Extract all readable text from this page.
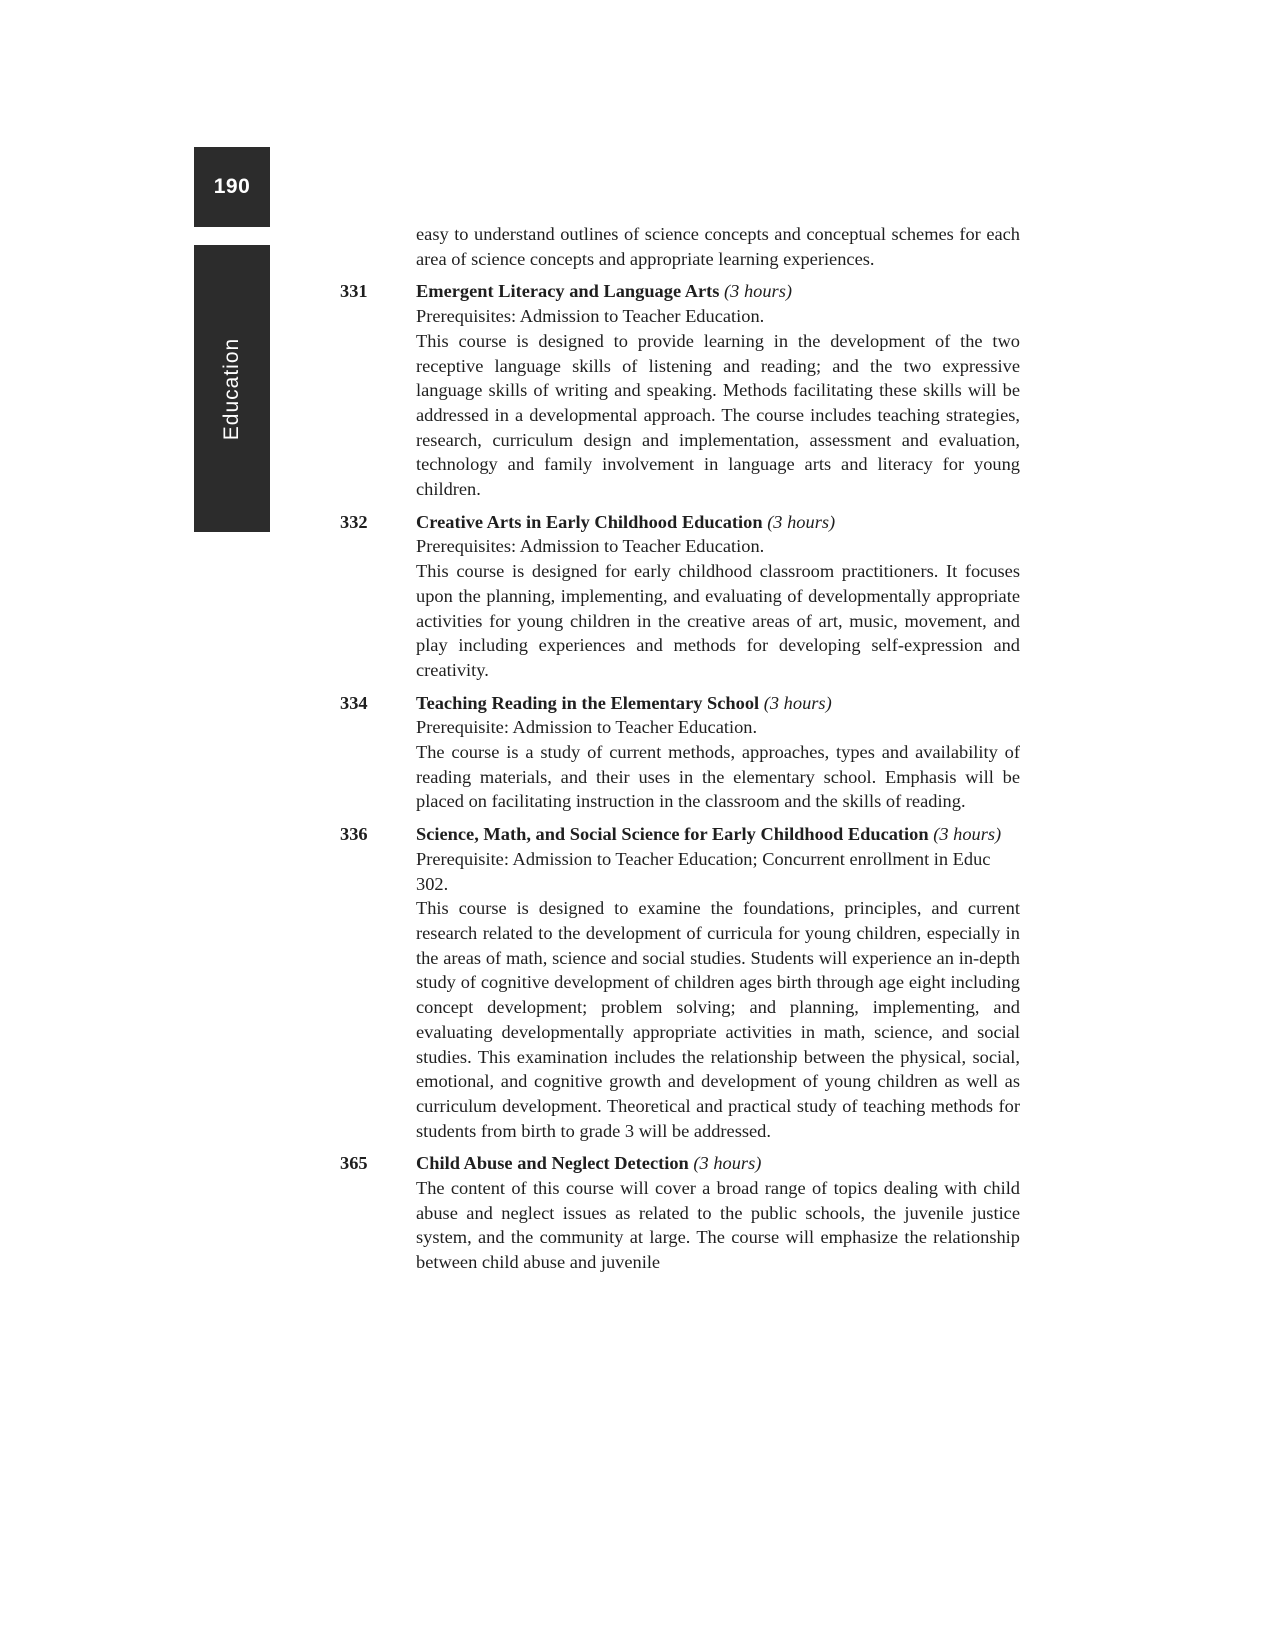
190
Education

easy to understand outlines of science concepts and conceptual schemes for each area of science concepts and appropriate learning experiences.

331	Emergent Literacy and Language Arts (3 hours)

Prerequisites: Admission to Teacher Education.

This course is designed to provide learning in the development of the two receptive language skills of listening and reading; and the two expressive language skills of writing and speaking. Methods facilitating these skills will be addressed in a developmental approach. The course includes teaching strategies, research, curriculum design and implementation, assessment and evaluation, technology and family involvement in language arts and literacy for young children.

332	Creative Arts in Early Childhood Education (3 hours)

Prerequisites: Admission to Teacher Education.

This course is designed for early childhood classroom practitioners. It focuses upon the planning, implementing, and evaluating of developmentally appropriate activities for young children in the creative areas of art, music, movement, and play including experiences and methods for developing self-expression and creativity.

334	Teaching Reading in the Elementary School (3 hours)

Prerequisite: Admission to Teacher Education.

The course is a study of current methods, approaches, types and availability of reading materials, and their uses in the elementary school. Emphasis will be placed on facilitating instruction in the classroom and the skills of reading.

336	Science, Math, and Social Science for Early Childhood Education (3 hours)

Prerequisite: Admission to Teacher Education; Concurrent enrollment in Educ 302.

This course is designed to examine the foundations, principles, and current research related to the development of curricula for young children, especially in the areas of math, science and social studies. Students will experience an in-depth study of cognitive development of children ages birth through age eight including concept development; problem solving; and planning, implementing, and evaluating developmentally appropriate activities in math, science, and social studies. This examination includes the relationship between the physical, social, emotional, and cognitive growth and development of young children as well as curriculum development. Theoretical and practical study of teaching methods for students from birth to grade 3 will be addressed.

365	Child Abuse and Neglect Detection (3 hours)

The content of this course will cover a broad range of topics dealing with child abuse and neglect issues as related to the public schools, the juvenile justice system, and the community at large. The course will emphasize the relationship between child abuse and juvenile
